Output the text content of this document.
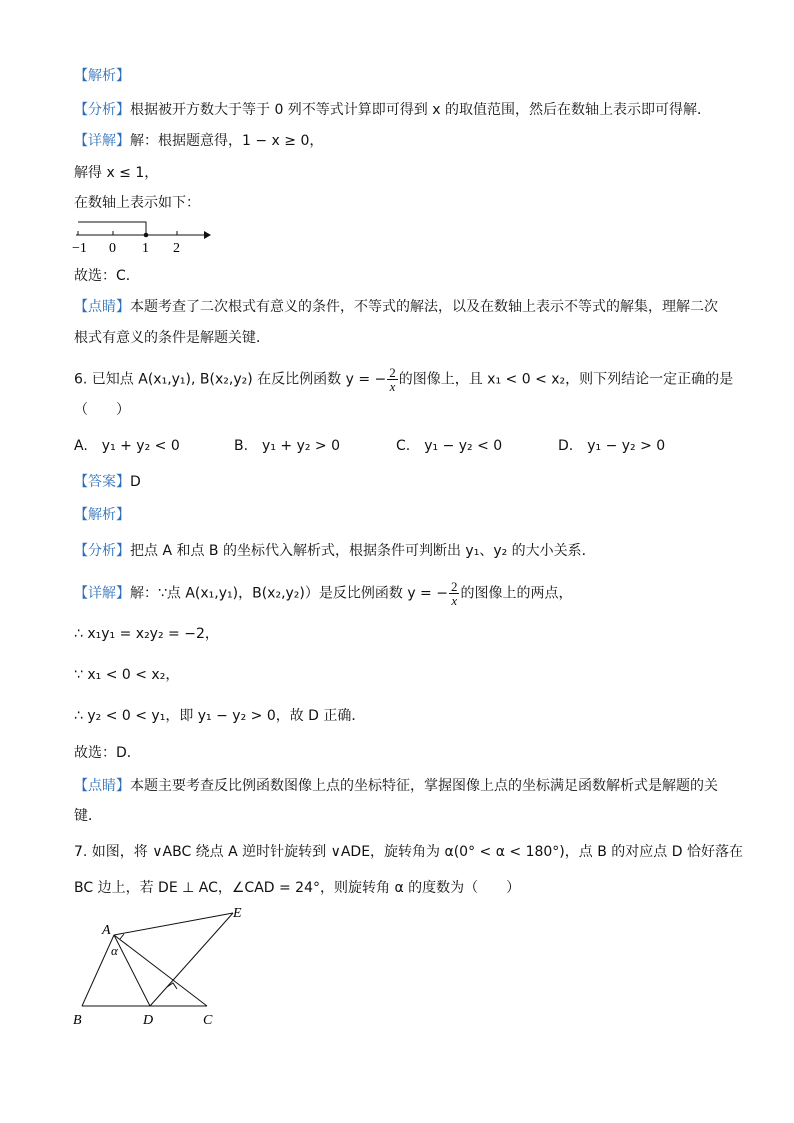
【解析】
【分析】根据被开方数大于等于 0 列不等式计算即可得到 x 的取值范围，然后在数轴上表示即可得解．
【详解】解：根据题意得，1 − x ≥ 0，
解得 x ≤ 1，
在数轴上表示如下：
−1 0 1 2
故选：C．
【点睛】本题考查了二次根式有意义的条件，不等式的解法，以及在数轴上表示不等式的解集，理解二次
根式有意义的条件是解题关键．
6. 已知点 A(x₁,y₁), B(x₂,y₂) 在反比例函数 y = − $\frac{2}{x}$ 的图像上，且 x₁ < 0 < x₂，则下列结论一定正确的是
（　　）
A.　y₁ + y₂ < 0	B.　y₁ + y₂ > 0	C.　y₁ − y₂ < 0	D.　y₁ − y₂ > 0
【答案】D
【解析】
【分析】把点 A 和点 B 的坐标代入解析式，根据条件可判断出 y₁、y₂ 的大小关系．
【详解】解：∵点 A(x₁,y₁)，B(x₂,y₂)）是反比例函数 y = − $\frac{2}{x}$ 的图像上的两点，
∴ x₁y₁ = x₂y₂ = −2，
∵ x₁ < 0 < x₂，
∴ y₂ < 0 < y₁，即 y₁ − y₂ > 0，故 D 正确．
故选：D．
【点睛】本题主要考查反比例函数图像上点的坐标特征，掌握图像上点的坐标满足函数解析式是解题的关
键．
7. 如图，将 ∨ABC 绕点 A 逆时针旋转到 ∨ADE，旋转角为 α(0° < α < 180°)，点 B 的对应点 D 恰好落在
BC 边上，若 DE ⊥ AC，∠CAD = 24°，则旋转角 α 的度数为（　　）
A
E
α
B	D	C
